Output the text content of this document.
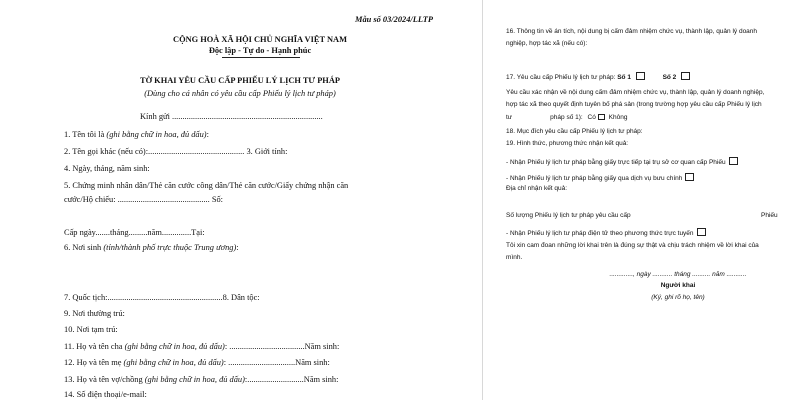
Mẫu số 03/2024/LLTP
CỘNG HOÀ XÃ HỘI CHỦ NGHĨA VIỆT NAM
Độc lập - Tự do - Hạnh phúc
TỜ KHAI YÊU CẦU CẤP PHIẾU LÝ LỊCH TƯ PHÁP
(Dùng cho cá nhân có yêu cầu cấp Phiếu lý lịch tư pháp)
Kính gửi ........................................................................
1. Tên tôi là (ghi bằng chữ in hoa, đủ dấu):
2. Tên gọi khác (nếu có):.............................................. 3. Giới tính:
4. Ngày, tháng, năm sinh:
5. Chứng minh nhân dân/Thẻ căn cước công dân/Thẻ căn cước/Giấy chứng nhận căn
cước/Hộ chiếu: ............................................ Số:
Cấp ngày.......tháng.........năm..............Tại:
6. Nơi sinh (tỉnh/thành phố trực thuộc Trung ương):
7. Quốc tịch:.......................................................8. Dân tộc:
9. Nơi thường trú:
10. Nơi tạm trú:
11. Họ và tên cha (ghi bằng chữ in hoa, đủ dấu): ....................................Năm sinh:
12. Họ và tên mẹ (ghi bằng chữ in hoa, đủ dấu): ................................Năm sinh:
13. Họ và tên vợ/chồng (ghi bằng chữ in hoa, đủ dấu):...........................Năm sinh:
14. Số điện thoại/e-mail:
16. Thông tin về án tích, nội dung bị cấm đảm nhiệm chức vụ, thành lập, quản lý doanh
nghiệp, hợp tác xã (nếu có):
17. Yêu cầu cấp Phiếu lý lịch tư pháp: Số 1	Số 2
Yêu cầu xác nhận về nội dung cấm đảm nhiệm chức vụ, thành lập, quản lý doanh nghiệp,
hợp tác xã theo quyết định tuyên bố phá sản (trong trường hợp yêu cầu cấp Phiếu lý lịch
tư	pháp số 1): Có Không
18. Mục đích yêu cầu cấp Phiếu lý lịch tư pháp:
19. Hình thức, phương thức nhận kết quả:
- Nhận Phiếu lý lịch tư pháp bằng giấy trực tiếp tại trụ sở cơ quan cấp Phiếu
- Nhận Phiếu lý lịch tư pháp bằng giấy qua dịch vụ bưu chính
Địa chỉ nhận kết quả:
Số lượng Phiếu lý lịch tư pháp yêu cầu cấp	Phiếu
- Nhận Phiếu lý lịch tư pháp điện tử theo phương thức trực tuyến
Tôi xin cam đoan những lời khai trên là đúng sự thật và chịu trách nhiệm về lời khai của
mình.
............., ngày ........... tháng .......... năm ...........
Người khai
(Ký, ghi rõ họ, tên)
